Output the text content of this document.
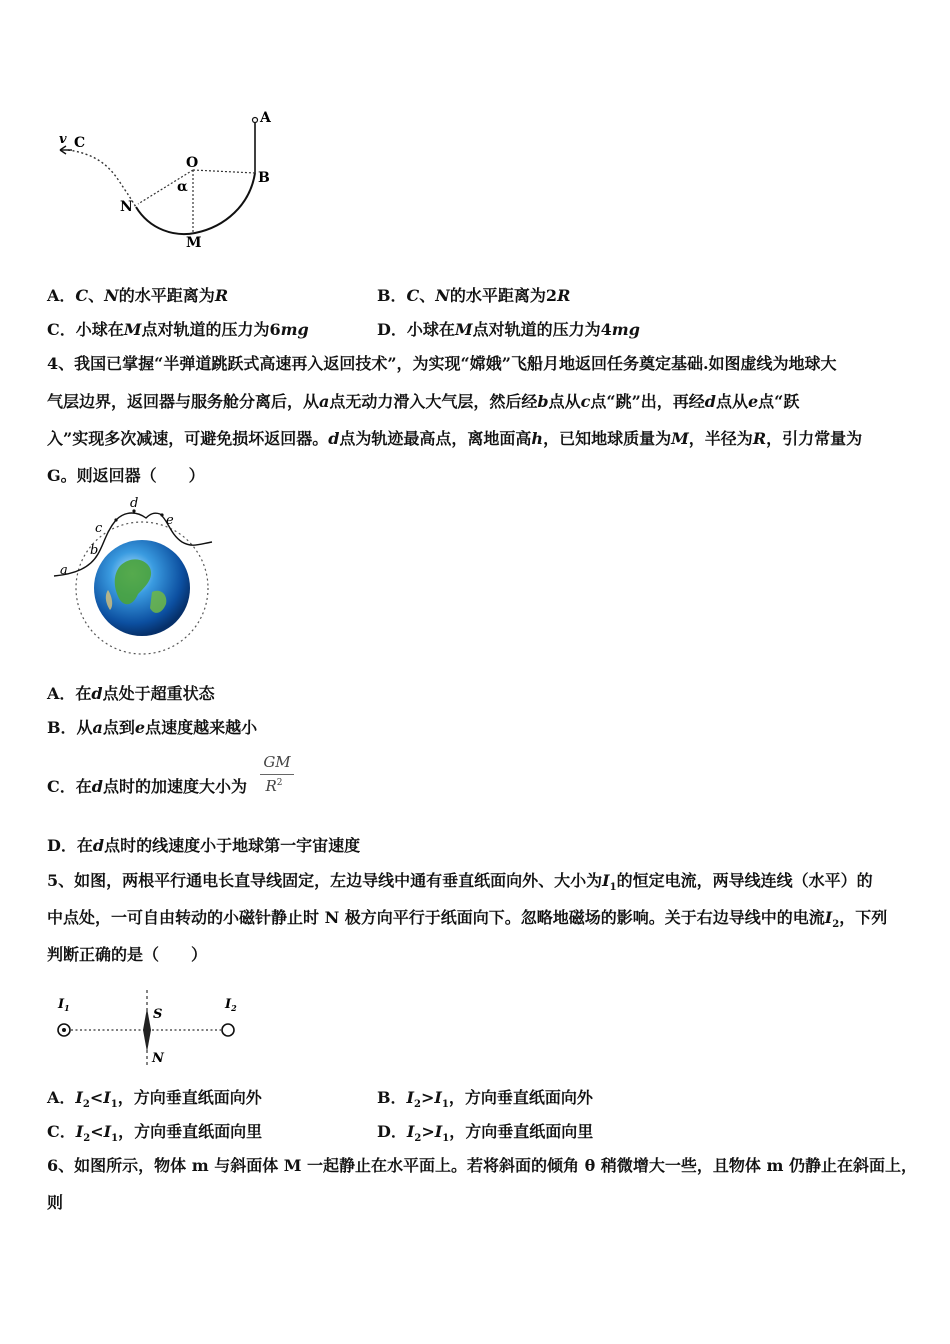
v C
A
O
B
α
N
M
A．C、N的水平距离为R	B．C、N的水平距离为2R
C．小球在M点对轨道的压力为6mg	D．小球在M点对轨道的压力为4mg
4、我国已掌握“半弹道跳跃式高速再入返回技术”，为实现“嫦娥”飞船月地返回任务奠定基础.如图虚线为地球大
气层边界，返回器与服务舱分离后，从a点无动力滑入大气层，然后经b点从c点“跳”出，再经d点从e点“跃
入”实现多次减速，可避免损坏返回器。d点为轨迹最高点，离地面高h，已知地球质量为M，半径为R，引力常量为
G。则返回器（　　）
a
b
c
d
e
A．在d点处于超重状态
B．从a点到e点速度越来越小
C．在d点时的加速度大小为
GM
$R^2$
D．在d点时的线速度小于地球第一宇宙速度
5、如图，两根平行通电长直导线固定，左边导线中通有垂直纸面向外、大小为$I_1$的恒定电流，两导线连线（水平）的
中点处，一可自由转动的小磁针静止时 N 极方向平行于纸面向下。忽略地磁场的影响。关于右边导线中的电流$I_2$，下列
判断正确的是（　　）
$I_1$	$I_2$
S
N
A．$I_2<I_1$，方向垂直纸面向外	B．$I_2>I_1$，方向垂直纸面向外
C．$I_2<I_1$，方向垂直纸面向里	D．$I_2>I_1$，方向垂直纸面向里
6、如图所示，物体 m 与斜面体 M 一起静止在水平面上。若将斜面的倾角 θ 稍微增大一些，且物体 m 仍静止在斜面上，
则
